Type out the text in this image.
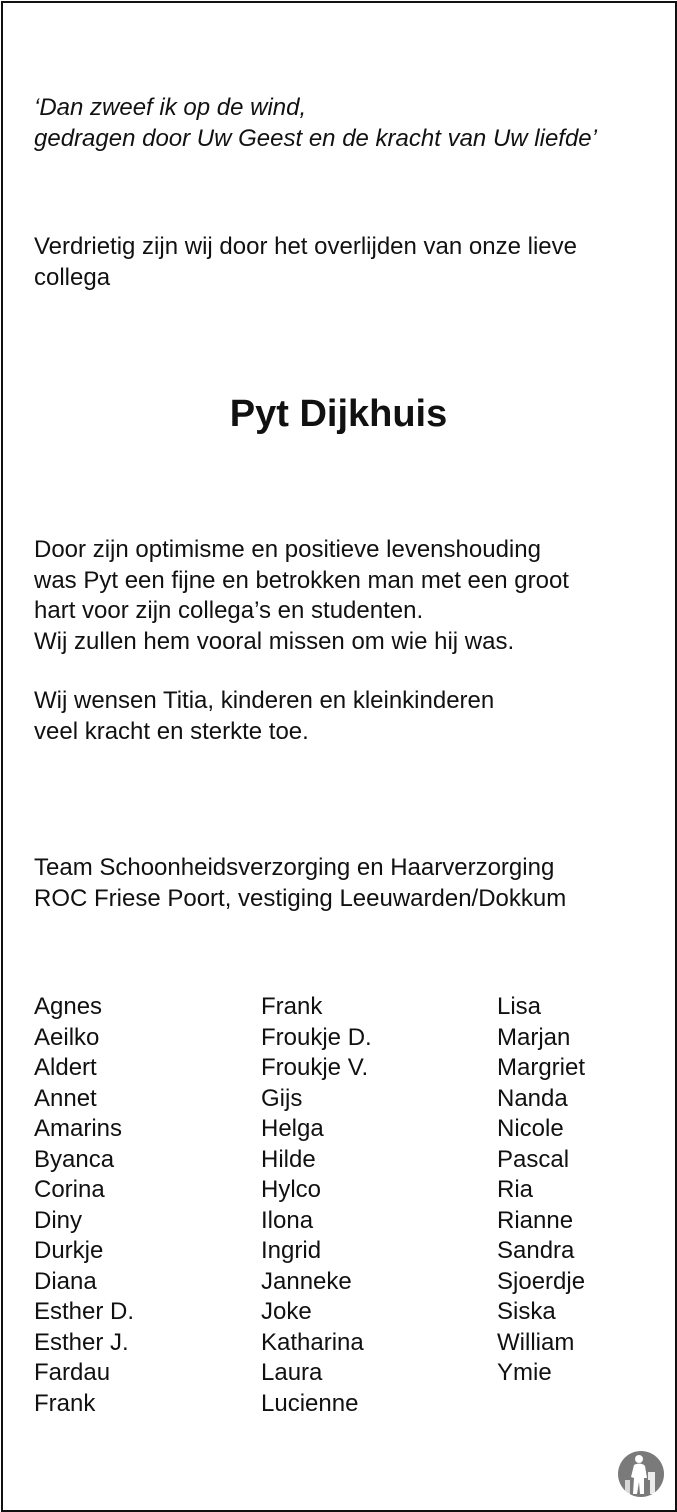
‘Dan zweef ik op de wind,
gedragen door Uw Geest en de kracht van Uw liefde’
Verdrietig zijn wij door het overlijden van onze lieve
collega
Pyt Dijkhuis
Door zijn optimisme en positieve levenshouding
was Pyt een fijne en betrokken man met een groot
hart voor zijn collega’s en studenten.
Wij zullen hem vooral missen om wie hij was.
Wij wensen Titia, kinderen en kleinkinderen
veel kracht en sterkte toe.
Team Schoonheidsverzorging en Haarverzorging
ROC Friese Poort, vestiging Leeuwarden/Dokkum
Agnes
Aeilko
Aldert
Annet
Amarins
Byanca
Corina
Diny
Durkje
Diana
Esther D.
Esther J.
Fardau
Frank
Frank
Froukje D.
Froukje V.
Gijs
Helga
Hilde
Hylco
Ilona
Ingrid
Janneke
Joke
Katharina
Laura
Lucienne
Lisa
Marjan
Margriet
Nanda
Nicole
Pascal
Ria
Rianne
Sandra
Sjoerdje
Siska
William
Ymie
